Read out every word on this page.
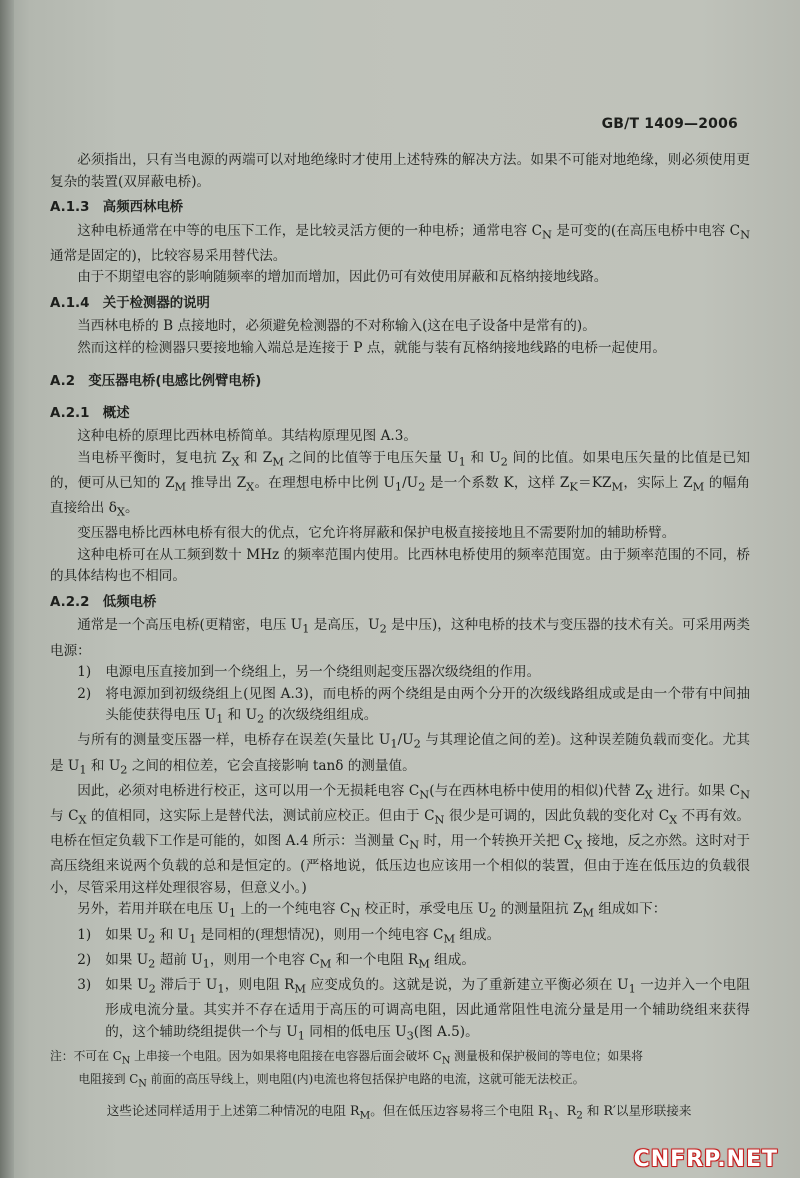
GB/T 1409—2006

必须指出，只有当电源的两端可以对地绝缘时才使用上述特殊的解决方法。如果不可能对地绝缘，则必须使用更复杂的装置(双屏蔽电桥)。

A.1.3　高频西林电桥

这种电桥通常在中等的电压下工作，是比较灵活方便的一种电桥；通常电容 $C_N$ 是可变的(在高压电桥中电容 $C_N$ 通常是固定的)，比较容易采用替代法。

由于不期望电容的影响随频率的增加而增加，因此仍可有效使用屏蔽和瓦格纳接地线路。

A.1.4　关于检测器的说明

当西林电桥的 B 点接地时，必须避免检测器的不对称输入(这在电子设备中是常有的)。

然而这样的检测器只要接地输入端总是连接于 P 点，就能与装有瓦格纳接地线路的电桥一起使用。

A.2　变压器电桥(电感比例臂电桥)
A.2.1　概述

这种电桥的原理比西林电桥简单。其结构原理见图 A.3。

当电桥平衡时，复电抗 $Z_X$ 和 $Z_M$ 之间的比值等于电压矢量 $U_1$ 和 $U_2$ 间的比值。如果电压矢量的比值是已知的，便可从已知的 $Z_M$ 推导出 $Z_X$。在理想电桥中比例 $U_1/U_2$ 是一个系数 K，这样 $Z_K=KZ_M$，实际上 $Z_M$ 的幅角直接给出 $\delta_X$。

变压器电桥比西林电桥有很大的优点，它允许将屏蔽和保护电极直接接地且不需要附加的辅助桥臂。

这种电桥可在从工频到数十 MHz 的频率范围内使用。比西林电桥使用的频率范围宽。由于频率范围的不同，桥的具体结构也不相同。

A.2.2　低频电桥

通常是一个高压电桥(更精密，电压 $U_1$ 是高压，$U_2$ 是中压)，这种电桥的技术与变压器的技术有关。可采用两类电源：

1)	电源电压直接加到一个绕组上，另一个绕组则起变压器次级绕组的作用。
2)	将电源加到初级绕组上(见图 A.3)，而电桥的两个绕组是由两个分开的次级线路组成或是由一个带有中间抽头能使获得电压 $U_1$ 和 $U_2$ 的次级绕组组成。

与所有的测量变压器一样，电桥存在误差(矢量比 $U_1/U_2$ 与其理论值之间的差)。这种误差随负载而变化。尤其是 $U_1$ 和 $U_2$ 之间的相位差，它会直接影响 tanδ 的测量值。

因此，必须对电桥进行校正，这可以用一个无损耗电容 $C_N$(与在西林电桥中使用的相似)代替 $Z_X$ 进行。如果 $C_N$ 与 $C_X$ 的值相同，这实际上是替代法，测试前应校正。但由于 $C_N$ 很少是可调的，因此负载的变化对 $C_X$ 不再有效。电桥在恒定负载下工作是可能的，如图 A.4 所示：当测量 $C_N$ 时，用一个转换开关把 $C_X$ 接地，反之亦然。这时对于高压绕组来说两个负载的总和是恒定的。(严格地说，低压边也应该用一个相似的装置，但由于连在低压边的负载很小，尽管采用这样处理很容易，但意义小。)

另外，若用并联在电压 $U_1$ 上的一个纯电容 $C_N$ 校正时，承受电压 $U_2$ 的测量阻抗 $Z_M$ 组成如下：

1)	如果 $U_2$ 和 $U_1$ 是同相的(理想情况)，则用一个纯电容 $C_M$ 组成。
2)	如果 $U_2$ 超前 $U_1$，则用一个电容 $C_M$ 和一个电阻 $R_M$ 组成。
3)	如果 $U_2$ 滞后于 $U_1$，则电阻 $R_M$ 应变成负的。这就是说，为了重新建立平衡必须在 $U_1$ 一边并入一个电阻形成电流分量。其实并不存在适用于高压的可调高电阻，因此通常阻性电流分量是用一个辅助绕组来获得的，这个辅助绕组提供一个与 $U_1$ 同相的低电压 $U_3$(图 A.5)。

注：不可在 $C_N$ 上串接一个电阻。因为如果将电阻接在电容器后面会破坏 $C_N$ 测量极和保护极间的等电位；如果将

电阻接到 $C_N$ 前面的高压导线上，则电阻(内)电流也将包括保护电路的电流，这就可能无法校正。

这些论述同样适用于上述第二种情况的电阻 $R_M$。但在低压边容易将三个电阻 $R_1$、$R_2$ 和 R′以星形联接来

CNFRP.NET
